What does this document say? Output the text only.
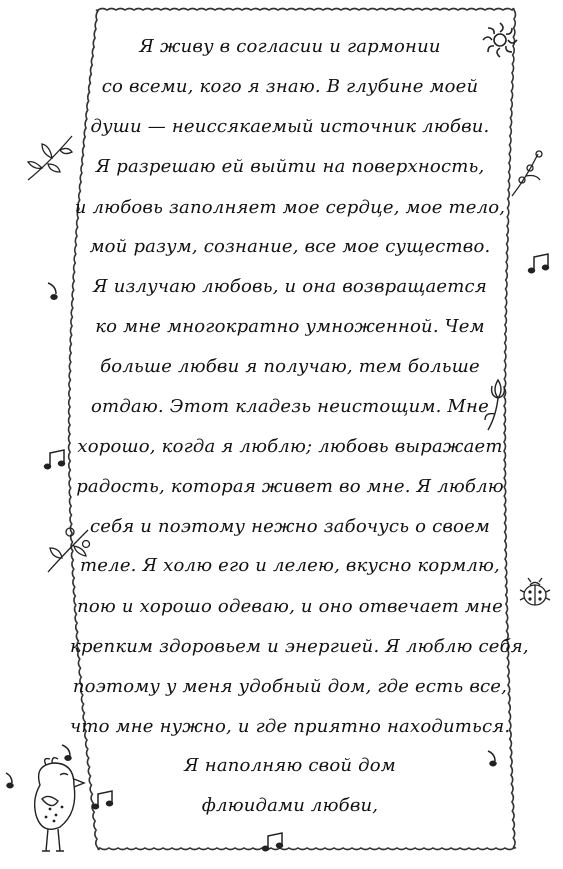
Я живу в согласии и гармонии
со всеми, кого я знаю. В глубине моей
души — неиссякаемый источник любви.
Я разрешаю ей выйти на поверхность,
и любовь заполняет мое сердце, мое тело,
мой разум, сознание, все мое существо.
Я излучаю любовь, и она возвращается
ко мне многократно умноженной. Чем
больше любви я получаю, тем больше
отдаю. Этот кладезь неистощим. Мне
хорошо, когда я люблю; любовь выражает
радость, которая живет во мне. Я люблю
себя и поэтому нежно забочусь о своем
теле. Я холю его и лелею, вкусно кормлю,
пою и хорошо одеваю, и оно отвечает мне
крепким здоровьем и энергией. Я люблю себя,
поэтому у меня удобный дом, где есть все,
что мне нужно, и где приятно находиться.
Я наполняю свой дом
флюидами любви,
